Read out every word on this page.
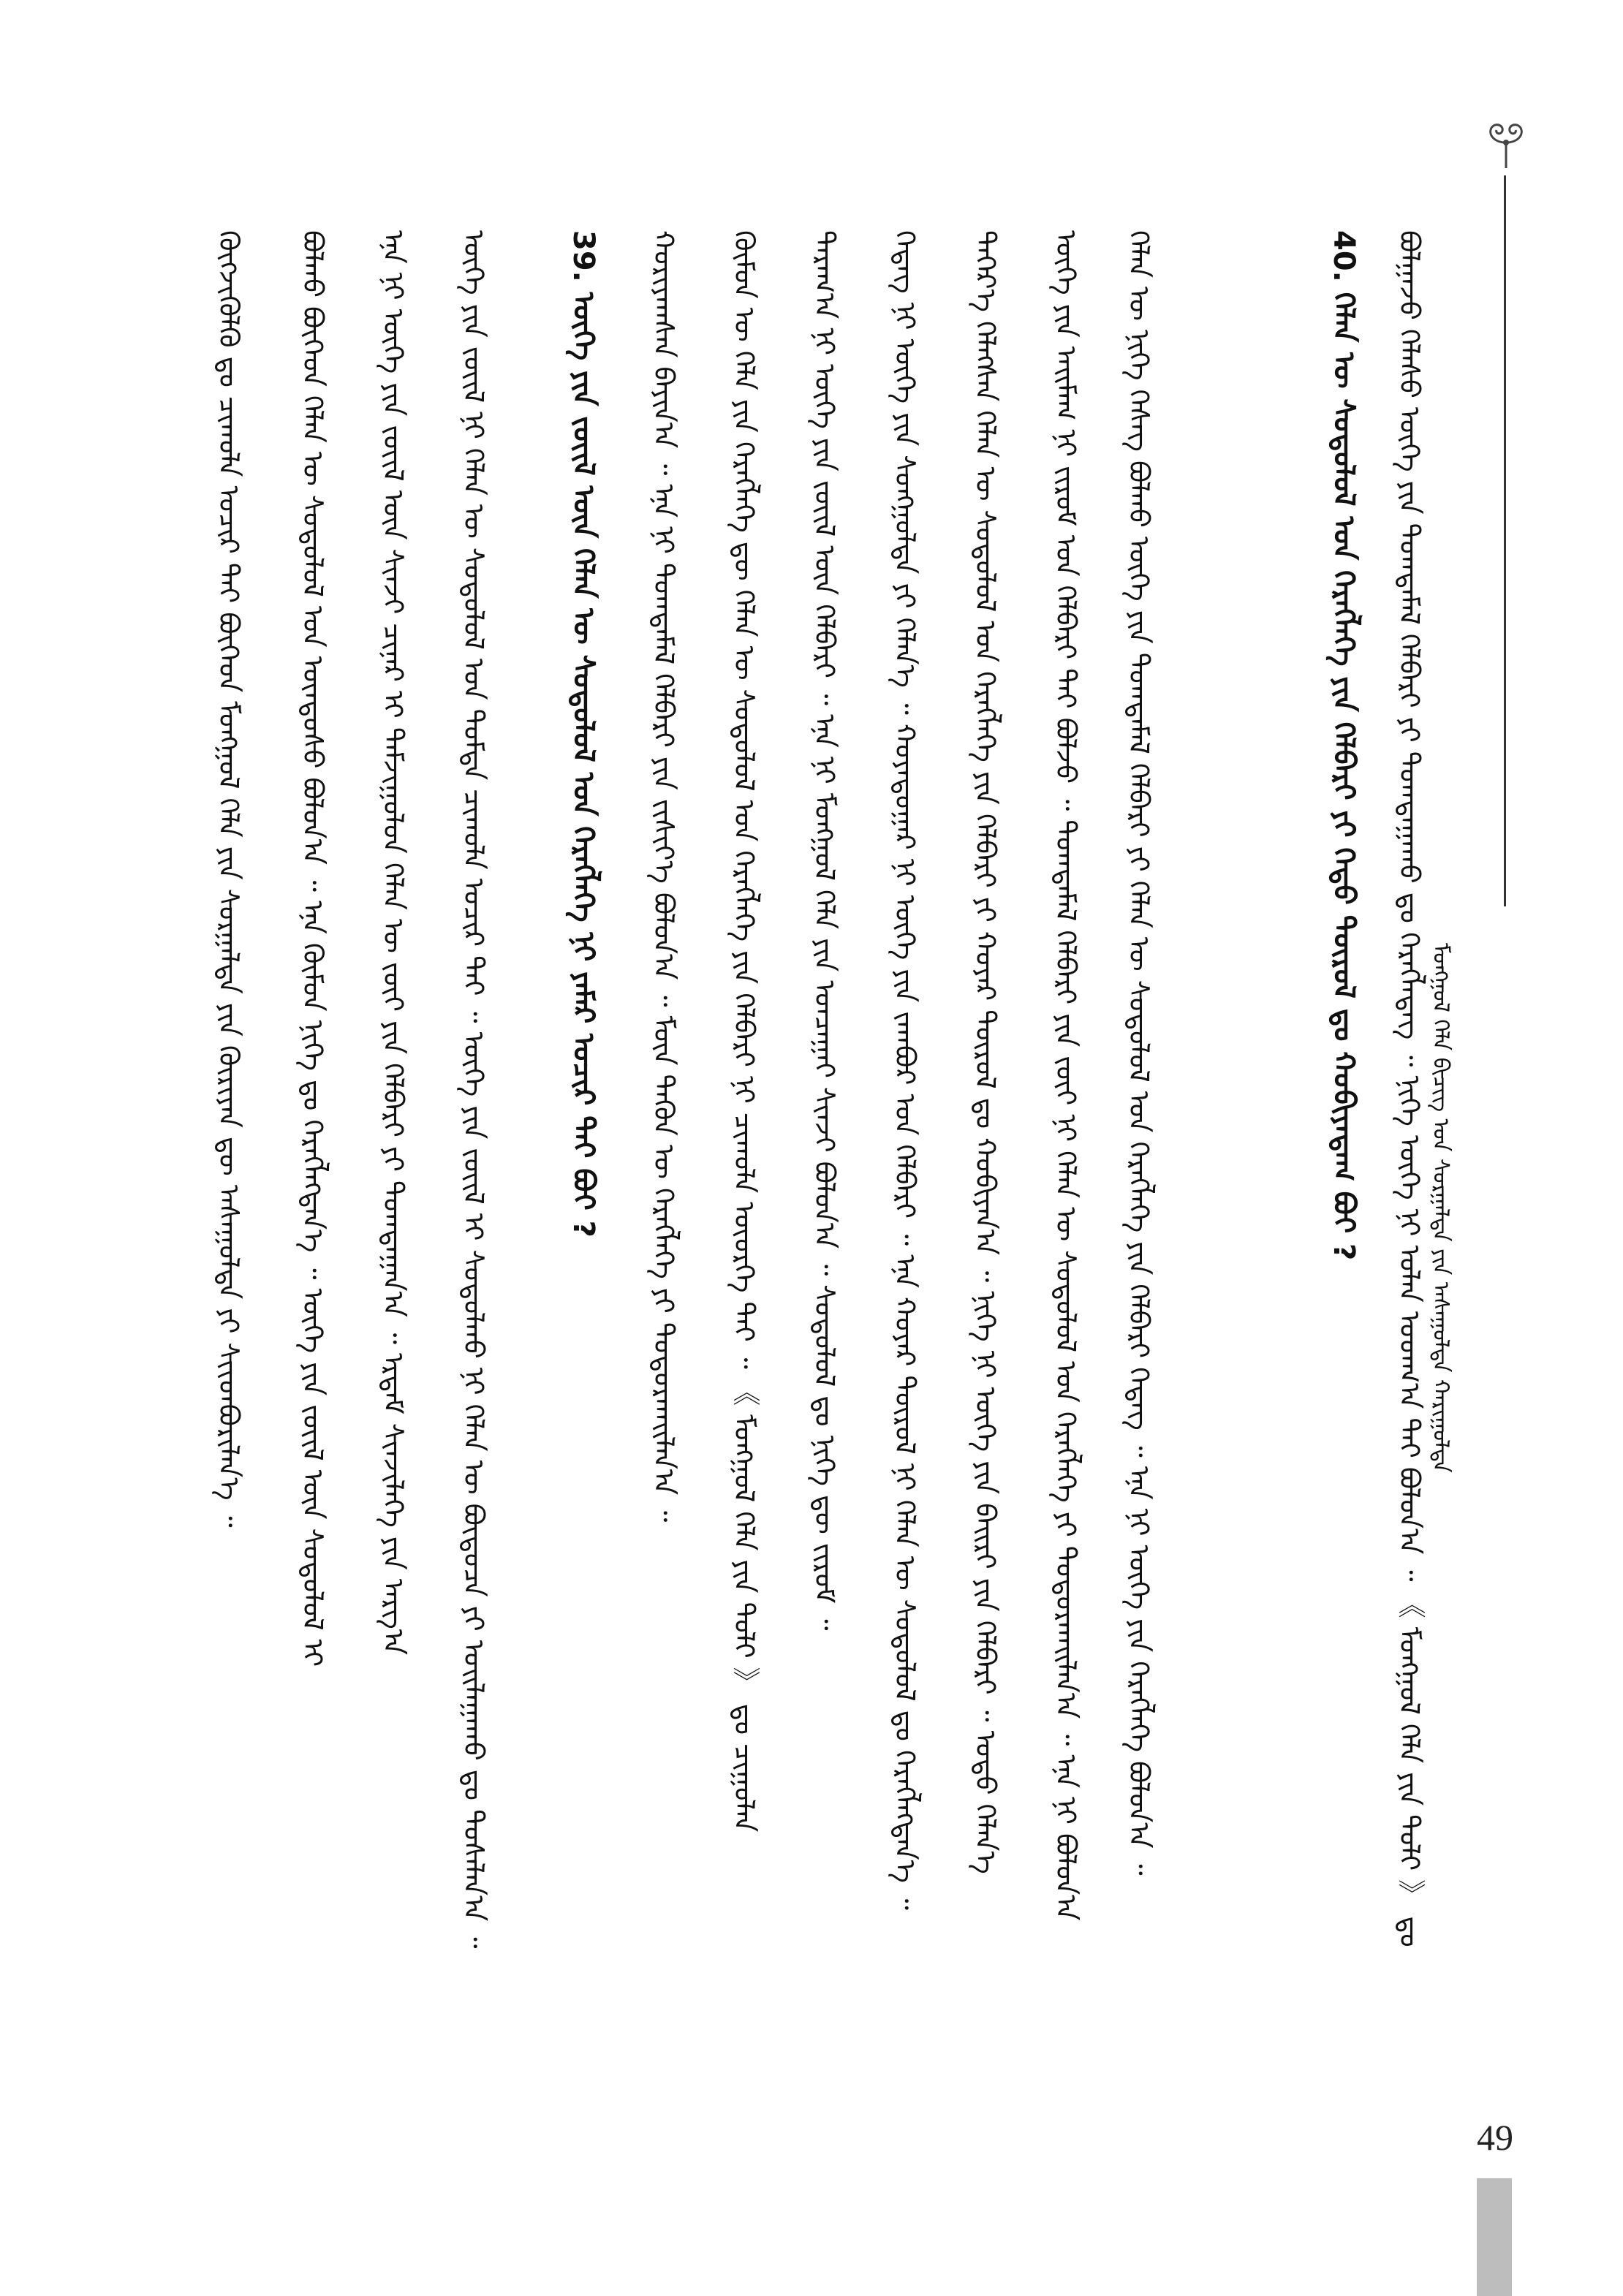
ᠮᠣᠩᠭᠣᠯ ᠬᠡᠯᠡ ᠪᠢᠴᠢᠭ ᠤᠨ ᠰᠤᠷᠭᠠᠯᠲᠠ ᠶᠢᠨ ᠠᠰᠠᠭᠤᠯᠲᠠ ᠬᠠᠷᠢᠭᠤᠯᠲᠠ
ᠪᠣᠯᠭᠠᠵᠤ ᠬᠡᠯᠡᠰᠦ ᠦᠭᠡ ᠶᠢᠨ ᠲᠣᠭᠲᠠᠮᠠᠯ ᠬᠡᠯᠪᠡᠷᠢ ᠶᠢ ᠲᠣᠭᠲᠠᠭᠠᠬᠤ ᠳᠤ ᠬᠡᠷᠡᠭᠯᠡᠳᠡᠭ ᠃ ᠨᠢᠭᠡ ᠦᠭᠡ ᠨᠢ ᠣᠯᠠᠨ ᠤᠳᠬ᠎ᠠ ᠲᠠᠢ ᠪᠣᠯᠤᠨ᠎ᠠ ᠃ 《 ᠮᠣᠩᠭᠣᠯ ᠬᠡᠯᠡ ᠶᠢᠨ ᠲᠣᠯᠢ 》 ᠳᠤ
40. ᠬᠡᠯᠡᠨ ᠦ ᠰᠤᠳᠤᠯᠤᠯ ᠤᠨ ᠬᠡᠷᠡᠭᠯᠡᠭᠡ ᠶᠢᠨ ᠬᠡᠯᠪᠡᠷᠢ ᠶᠢ ᠬᠡᠳᠦ ᠲᠥᠷᠦᠯ ᠳᠤ ᠬᠤᠪᠢᠶᠠᠳᠠᠭ ᠪᠤᠢ ?
ᠬᠡᠯᠡᠨ ᠦ ᠨᠢᠭᠡ ᠬᠡᠰᠡᠭ ᠪᠣᠯᠬᠤ ᠦᠭᠡ ᠶᠢᠨ ᠲᠣᠭᠲᠠᠮᠠᠯ ᠬᠡᠯᠪᠡᠷᠢ ᠶᠢ ᠬᠡᠯᠡᠨ ᠦ ᠰᠤᠳᠤᠯᠤᠯ ᠤᠨ ᠬᠡᠷᠡᠭᠯᠡᠭᠡ ᠶᠢᠨ ᠬᠡᠯᠪᠡᠷᠢ ᠭᠡᠳᠡᠭ ᠃ ᠡᠨᠡ ᠨᠢ ᠦᠭᠡ ᠶᠢᠨ ᠬᠡᠷᠡᠭᠯᠡᠭᠡ ᠪᠣᠯᠤᠨ᠎ᠠ ᠃
ᠦᠭᠡ ᠶᠢᠨ ᠠᠢᠮᠠᠭ ᠨᠢ ᠵᠢᠷᠤᠮ ᠤᠨ ᠬᠡᠯᠪᠡᠷᠢ ᠲᠠᠢ ᠪᠣᠯᠵᠤ ᠃ ᠲᠣᠭᠲᠠᠮᠠᠯ ᠬᠡᠯᠪᠡᠷᠢ ᠶᠢᠨ ᠵᠦᠢ ᠨᠢ ᠬᠡᠯᠡᠨ ᠦ ᠰᠤᠳᠤᠯᠤᠯ ᠤᠨ ᠬᠡᠷᠡᠭᠯᠡᠭᠡ ᠶᠢ ᠲᠣᠳᠣᠷᠬᠠᠢᠯᠠᠨ᠎ᠠ ᠃ ᠡᠨᠡ ᠨᠢ ᠪᠣᠯᠤᠨ᠎ᠠ
ᠳᠡᠭᠡᠷ᠎ᠡ ᠬᠡᠯᠡᠭᠰᠡᠨ ᠬᠡᠯᠡᠨ ᠦ ᠰᠤᠳᠤᠯᠤᠯ ᠤᠨ ᠬᠡᠷᠡᠭᠯᠡᠭᠡ ᠶᠢᠨ ᠬᠡᠯᠪᠡᠷᠢ ᠶᠢ ᠬᠣᠶᠠᠷ ᠲᠥᠷᠦᠯ ᠳᠤ ᠬᠤᠪᠢᠶᠠᠨ᠎ᠠ ᠃ ᠨᠢᠭᠡ ᠨᠢ ᠦᠭᠡ ᠶᠢᠨ ᠪᠠᠢᠷᠢ ᠶᠢᠨ ᠬᠡᠯᠪᠡᠷᠢ ᠃ ᠣᠳᠣ ᠬᠡᠯᠡᠨ᠎ᠡ
ᠭᠡᠳᠡᠭ ᠨᠢ ᠦᠭᠡ ᠶᠢᠨ ᠰᠣᠩᠭᠣᠯᠲᠠ ᠶᠢ ᠬᠡᠯᠡᠨ᠎ᠡ ᠃ ᠬᠣᠶᠠᠳᠤᠭᠠᠷ ᠨᠢ ᠦᠭᠡ ᠶᠢᠨ ᠵᠠᠭᠪᠤᠷ ᠤᠨ ᠬᠡᠯᠪᠡᠷᠢ ᠃ ᠡᠨᠡ ᠬᠣᠶᠠᠷ ᠲᠥᠷᠦᠯ ᠨᠢ ᠬᠡᠯᠡᠨ ᠦ ᠰᠤᠳᠤᠯᠤᠯ ᠳᠤ ᠬᠡᠷᠡᠭᠯᠡᠭᠳᠡᠨ᠎ᠡ ᠃
ᠳᠠᠷᠠᠭ᠎ᠠ ᠨᠢ ᠦᠭᠡ ᠶᠢᠨ ᠵᠦᠢᠯ ᠦᠨ ᠬᠡᠯᠪᠡᠷᠢ ᠃ ᠡᠨᠡ ᠨᠢ ᠮᠣᠩᠭᠣᠯ ᠬᠡᠯᠡ ᠶᠢᠨ ᠤᠨᠴᠠᠭᠠᠢ ᠰᠢᠨᠵᠢ ᠪᠣᠯᠤᠨ᠎ᠠ ᠃ ᠰᠤᠳᠤᠯᠤᠯ ᠳᠤ ᠨᠢᠭᠡ ᠳᠦ ᠵᠢᠷᠤᠮ ᠃
ᠬᠦᠮᠦᠨ ᠦ ᠬᠡᠯᠡ ᠶᠢᠨ ᠬᠡᠷᠡᠭᠯᠡᠭᠡ ᠳᠦ ᠬᠡᠯᠡᠨ ᠦ ᠰᠤᠳᠤᠯᠤᠯ ᠤᠨ ᠬᠡᠷᠡᠭᠯᠡᠭᠡ ᠶᠢᠨ ᠬᠡᠯᠪᠡᠷᠢ ᠨᠢ ᠴᠢᠬᠤᠯᠠ ᠦᠦᠷᠭᠡ ᠲᠠᠢ ᠃ 《 ᠮᠣᠩᠭᠣᠯ ᠬᠡᠯᠡ ᠶᠢᠨ ᠲᠣᠯᠢ 》 ᠳᠤ ᠴᠢᠭᠤᠯᠠᠨ
ᠬᠣᠷᠢᠶᠠᠭᠰᠠᠨ ᠪᠠᠶᠢᠨ᠎ᠠ ᠃ ᠡᠨᠡ ᠨᠢ ᠲᠣᠭᠲᠠᠮᠠᠯ ᠬᠡᠯᠪᠡᠷᠢ ᠶᠢᠨ ᠵᠢᠱᠢᠶ᠎ᠡ ᠪᠣᠯᠤᠨ᠎ᠠ ᠃ ᠮᠥᠨ ᠲᠡᠭᠦᠨ ᠦ ᠬᠡᠷᠡᠭᠯᠡᠭᠡ ᠶᠢ ᠲᠣᠳᠣᠷᠬᠠᠢᠯᠠᠨ᠎ᠠ ᠃
39. ᠦᠭᠡ ᠶᠢᠨ ᠵᠦᠢᠯ ᠦᠨ ᠬᠡᠯᠡᠨ ᠦ ᠰᠤᠳᠤᠯᠤᠯ ᠤᠨ ᠬᠡᠷᠡᠭᠯᠡᠭᠡ ᠨᠢ ᠶᠠᠮᠠᠷ ᠤᠴᠢᠷ ᠲᠠᠢ ᠪᠤᠢ ?
ᠦᠭᠡ ᠶᠢᠨ ᠵᠦᠢᠯ ᠨᠢ ᠬᠡᠯᠡᠨ ᠦ ᠰᠤᠳᠤᠯᠤᠯ ᠤᠨ ᠳᠤᠮᠳᠠ ᠴᠢᠬᠤᠯᠠ ᠤᠴᠢᠷ ᠲᠠᠢ ᠃ ᠦᠭᠡ ᠶᠢᠨ ᠵᠦᠢᠯ ᠢ ᠰᠤᠳᠤᠯᠬᠤ ᠨᠢ ᠬᠡᠯᠡᠨ ᠦ ᠪᠦᠲᠦᠴᠡ ᠶᠢ ᠣᠢᠯᠠᠭᠠᠬᠤ ᠳᠤ ᠲᠤᠰᠠᠯᠠᠨ᠎ᠠ ᠃
ᠡᠨᠡ ᠨᠢ ᠦᠭᠡ ᠶᠢᠨ ᠵᠦᠢᠯ ᠦᠨ ᠰᠢᠨᠵᠢ ᠴᠢᠨᠠᠷ ᠢ ᠳᠠᠮᠵᠢᠭᠤᠯᠤᠨ ᠬᠡᠯᠡᠨ ᠦ ᠵᠦᠢ ᠶᠢᠨ ᠬᠡᠯᠪᠡᠷᠢ ᠶᠢ ᠲᠣᠭᠲᠠᠭᠠᠨ᠎ᠠ ᠃ ᠡᠷᠳᠡᠮ ᠰᠢᠨᠵᠢᠯᠡᠭᠡ ᠶᠢᠨ ᠠᠷᠭ᠎ᠠ
ᠪᠣᠯᠬᠤ ᠪᠥᠭᠡᠳ ᠬᠡᠯᠡᠨ ᠦ ᠰᠤᠳᠤᠯᠤᠯ ᠤᠨ ᠦᠨᠳᠦᠰᠦ ᠪᠣᠯᠤᠨ᠎ᠠ ᠃ ᠡᠨᠡ ᠬᠥᠮᠥᠨ ᠨᠢᠭᠡ ᠳᠤ ᠬᠡᠷᠡᠭᠯᠡᠭᠳᠡᠨ᠎ᠡ ᠃ ᠦᠭᠡ ᠶᠢᠨ ᠵᠦᠢᠯ ᠦᠨ ᠰᠤᠳᠤᠯᠤᠯ ᠢ
ᠬᠦᠭᠵᠢᠭᠦᠯᠬᠦ ᠳᠤ ᠴᠢᠬᠤᠯᠠ ᠤᠴᠢᠷ ᠲᠠᠢ ᠪᠥᠭᠡᠳ ᠮᠣᠩᠭᠣᠯ ᠬᠡᠯᠡ ᠶᠢᠨ ᠰᠤᠷᠭᠠᠯᠲᠠ ᠶᠢᠨ ᠬᠦᠷᠢᠶᠡᠨ ᠳᠦ ᠠᠰᠠᠭᠤᠯᠲᠠ ᠶᠢ ᠰᠢᠢᠳᠪᠦᠷᠢᠯᠡᠨ᠎ᠡ ᠃
49
